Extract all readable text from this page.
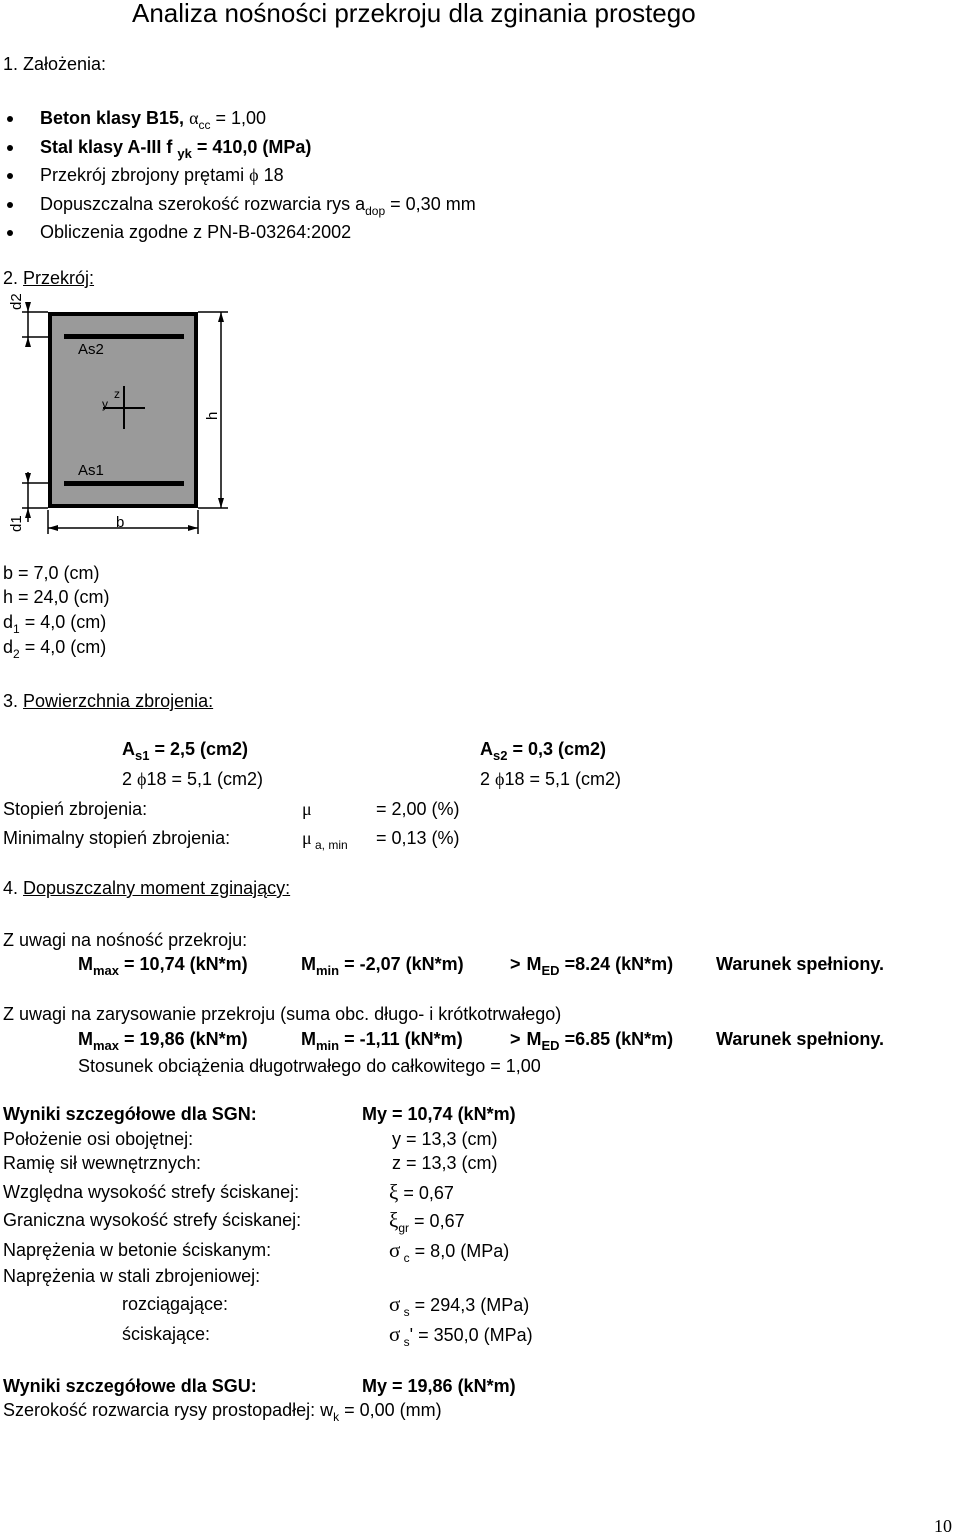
Analiza nośności przekroju dla zginania prostego
1. Założenia:
Beton klasy B15, $\alpha_{cc} = 1,00$
Stal klasy A-III f $_{yk}$ = 410,0 (MPa)
Przekrój zbrojony prętami ϕ 18
Dopuszczalna szerokość rozwarcia rys $a_{dop} = 0,30$ mm
Obliczenia zgodne z PN-B-03264:2002
2. Przekrój:
d2
As2
z
y
h
As1
d1	b
b = 7,0 (cm)
h = 24,0 (cm)
$d_1 = 4,0$ (cm)
$d_2 = 4,0$ (cm)
3. Powierzchnia zbrojenia:
$A_{s1} = 2,5$ (cm2)	$A_{s2} = 0,3$ (cm2)
2 ϕ18 = 5,1 (cm2)	2 ϕ18 = 5,1 (cm2)
Stopień zbrojenia:	μ	= 2,00 (%)
Minimalny stopień zbrojenia:	μ $_{a, min}$ = 0,13 (%)
4. Dopuszczalny moment zginający:
Z uwagi na nośność przekroju:
$M_{max} = 10,74$ (kN*m)	$M_{min} = -2,07$ (kN*m)	> $M_{ED} =8.24$ (kN*m) Warunek spełniony.
Z uwagi na zarysowanie przekroju (suma obc. długo- i krótkotrwałego)
$M_{max} = 19,86$ (kN*m)	$M_{min} = -1,11$ (kN*m)	> $M_{ED} =6.85$ (kN*m) Warunek spełniony.
Stosunek obciążenia długotrwałego do całkowitego = 1,00
Wyniki szczegółowe dla SGN:	My = 10,74 (kN*m)
Położenie osi obojętnej:	y = 13,3 (cm)
Ramię sił wewnętrznych:	z = 13,3 (cm)
Względna wysokość strefy ściskanej:	ξ = 0,67
Graniczna wysokość strefy ściskanej:	$\xi_{gr} = 0,67$
Naprężenia w betonie ściskanym:	σ $_c$ = 8,0 (MPa)
Naprężenia w stali zbrojeniowej:
rozciągające:	σ $_s$ = 294,3 (MPa)
ściskające:	σ $_s$' = 350,0 (MPa)
Wyniki szczegółowe dla SGU:	My = 19,86 (kN*m)
Szerokość rozwarcia rysy prostopadłej: $w_k = 0,00$ (mm)
10
